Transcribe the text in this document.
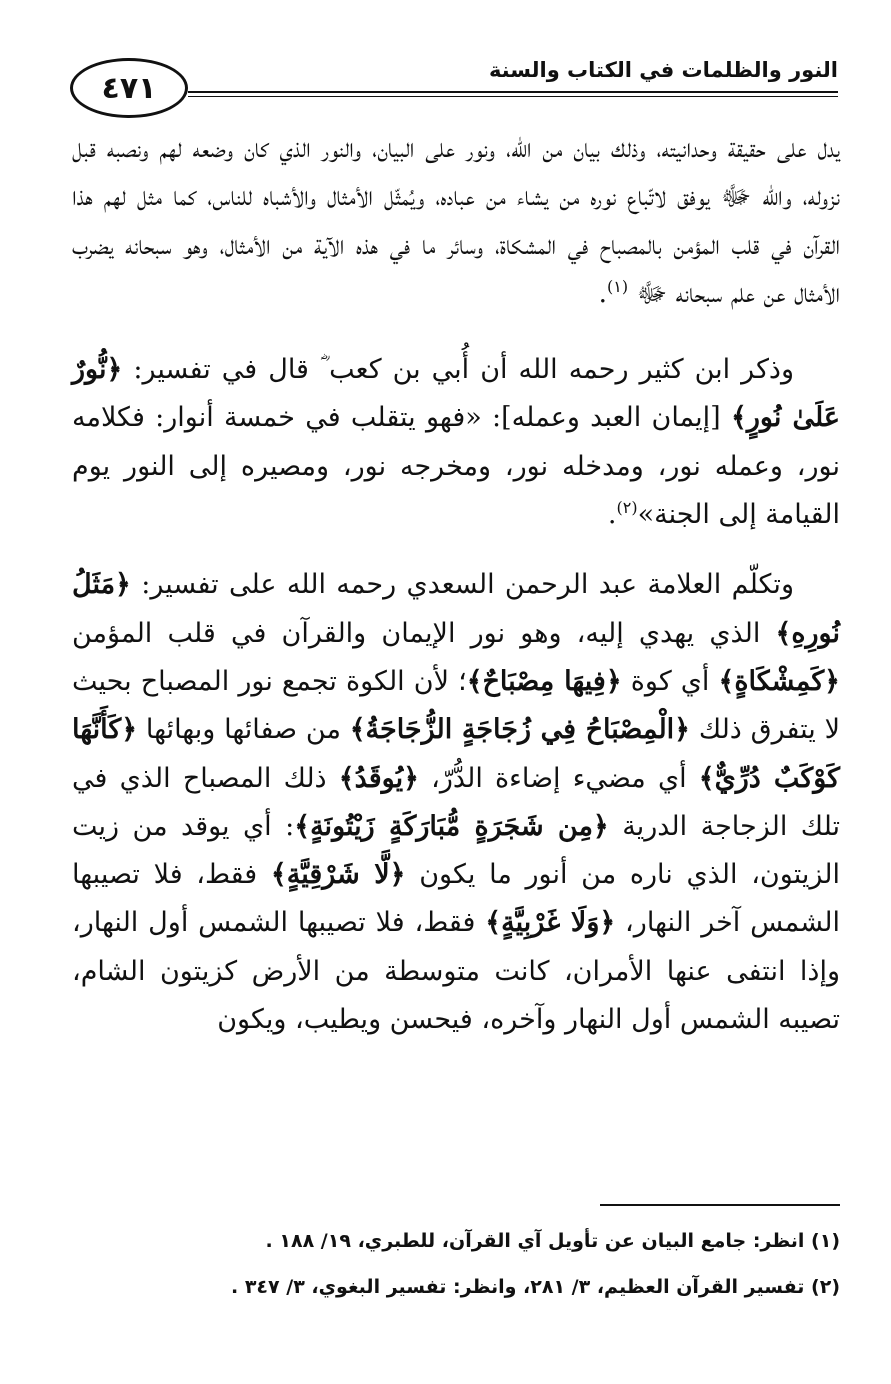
٤٧١
النور والظلمات في الكتاب والسنة

يدل على حقيقة وحدانيته، وذلك بيان من الله، ونور على البيان، والنور الذي كان وضعه لهم ونصبه قبل نزوله، والله ﷻ يوفق لاتّباع نوره من يشاء من عباده، ويُمثّل الأمثال والأشباه للناس، كما مثل لهم هذا القرآن في قلب المؤمن بالمصباح في المشكاة، وسائر ما في هذه الآية من الأمثال، وهو سبحانه يضرب الأمثال عن علم سبحانه ﷻ $^{(١)}$.

وذكر ابن كثير رحمه الله أن أُبي بن كعب ؓ قال في تفسير: ﴿نُّورٌ عَلَىٰ نُورٍ﴾ [إيمان العبد وعمله]: «فهو يتقلب في خمسة أنوار: فكلامه نور، وعمله نور، ومدخله نور، ومخرجه نور، ومصيره إلى النور يوم القيامة إلى الجنة»$^{(٢)}$.

وتكلّم العلامة عبد الرحمن السعدي رحمه الله على تفسير: ﴿مَثَلُ نُورِهِ﴾ الذي يهدي إليه، وهو نور الإيمان والقرآن في قلب المؤمن ﴿كَمِشْكَاةٍ﴾ أي كوة ﴿فِيهَا مِصْبَاحٌ﴾؛ لأن الكوة تجمع نور المصباح بحيث لا يتفرق ذلك ﴿الْمِصْبَاحُ فِي زُجَاجَةٍ الزُّجَاجَةُ﴾ من صفائها وبهائها ﴿كَأَنَّهَا كَوْكَبٌ دُرِّيٌّ﴾ أي مضيء إضاءة الدُّرّ، ﴿يُوقَدُ﴾ ذلك المصباح الذي في تلك الزجاجة الدرية ﴿مِن شَجَرَةٍ مُّبَارَكَةٍ زَيْتُونَةٍ﴾: أي يوقد من زيت الزيتون، الذي ناره من أنور ما يكون ﴿لَّا شَرْقِيَّةٍ﴾ فقط، فلا تصيبها الشمس آخر النهار، ﴿وَلَا غَرْبِيَّةٍ﴾ فقط، فلا تصيبها الشمس أول النهار، وإذا انتفى عنها الأمران، كانت متوسطة من الأرض كزيتون الشام، تصيبه الشمس أول النهار وآخره، فيحسن ويطيب، ويكون

(١) انظر: جامع البيان عن تأويل آي القرآن، للطبري، ١٩/ ١٨٨ .

(٢) تفسير القرآن العظيم، ٣/ ٢٨١، وانظر: تفسير البغوي، ٣/ ٣٤٧ .
